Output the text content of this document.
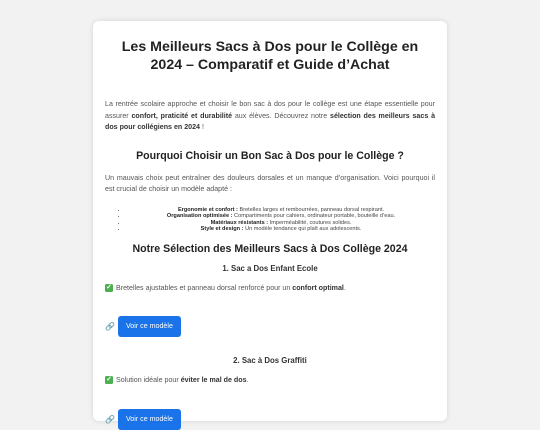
Les Meilleurs Sacs à Dos pour le Collège en 2024 – Comparatif et Guide d’Achat

La rentrée scolaire approche et choisir le bon sac à dos pour le collège est une étape essentielle pour assurer confort, praticité et durabilité aux élèves. Découvrez notre sélection des meilleurs sacs à dos pour collégiens en 2024 !

Pourquoi Choisir un Bon Sac à Dos pour le Collège ?

Un mauvais choix peut entraîner des douleurs dorsales et un manque d’organisation. Voici pourquoi il est crucial de choisir un modèle adapté :

• Ergonomie et confort : Bretelles larges et rembourrées, panneau dorsal respirant.
• Organisation optimisée : Compartiments pour cahiers, ordinateur portable, bouteille d’eau.
• Matériaux résistants : Imperméabilité, coutures solides.
• Style et design : Un modèle tendance qui plaît aux adolescents.
Notre Sélection des Meilleurs Sacs à Dos Collège 2024
1. Sac a Dos Enfant Ecole

✓ Bretelles ajustables et panneau dorsal renforcé pour un confort optimal.

🔗	Voir ce modèle
2. Sac à Dos Graffiti

✓ Solution idéale pour éviter le mal de dos.

🔗	Voir ce modèle
